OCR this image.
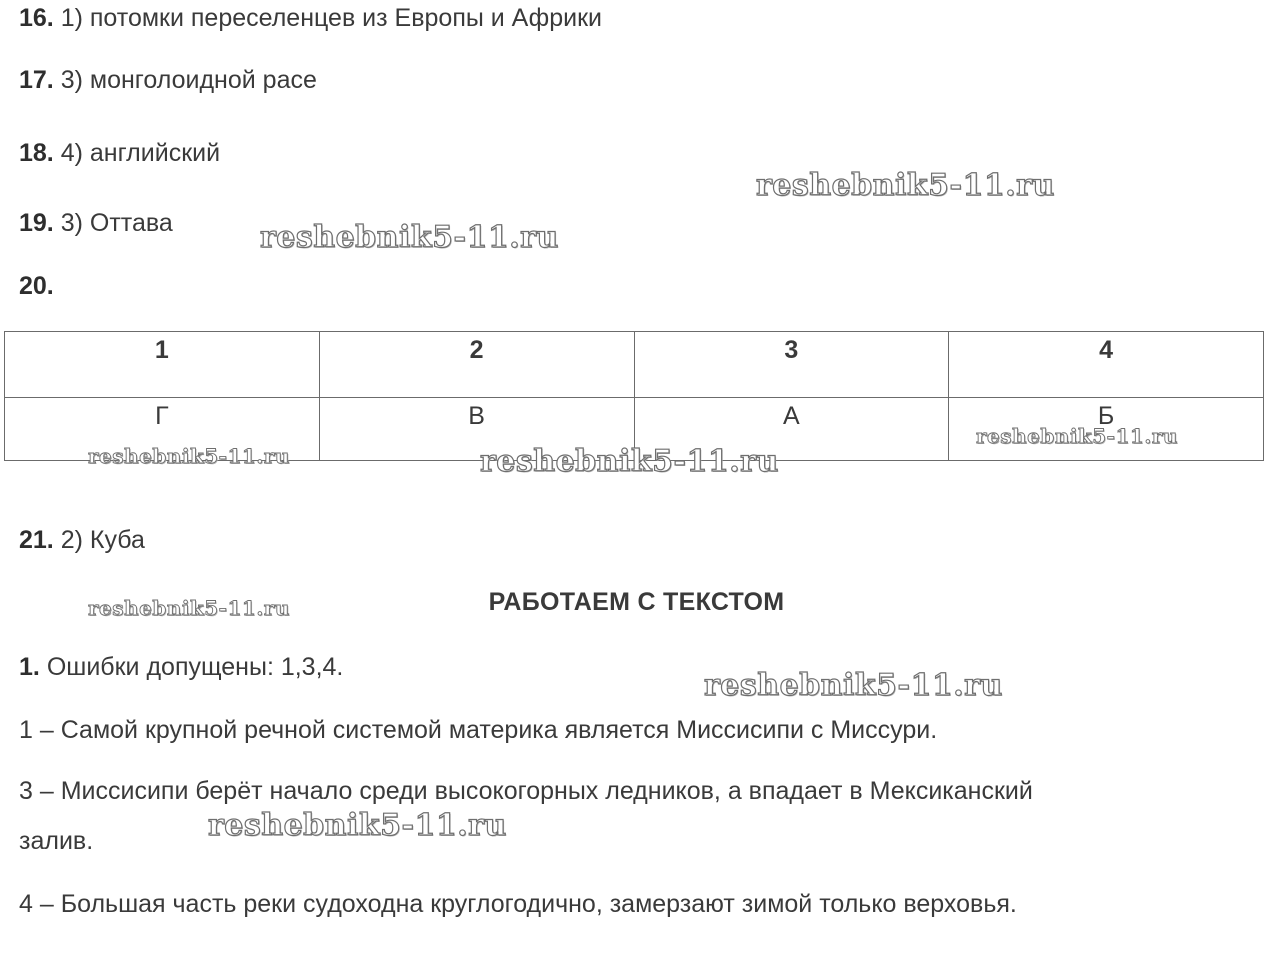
16. 1) потомки переселенцев из Европы и Африки
17. 3) монголоидной расе
18. 4) английский
19. 3) Оттава
20.
1	2	3	4
Г	В	А	Б
21. 2) Куба
РАБОТАЕМ С ТЕКСТОМ
1. Ошибки допущены: 1,3,4.
1 – Самой крупной речной системой материка является Миссисипи с Миссури.
3 – Миссисипи берёт начало среди высокогорных ледников, а впадает в Мексиканский
залив.
4 – Большая часть реки судоходна круглогодично, замерзают зимой только верховья.
reshebnik5-11.ru
reshebnik5-11.ru
reshebnik5-11.ru
reshebnik5-11.ru	reshebnik5-11.ru
reshebnik5-11.ru
reshebnik5-11.ru
reshebnik5-11.ru
